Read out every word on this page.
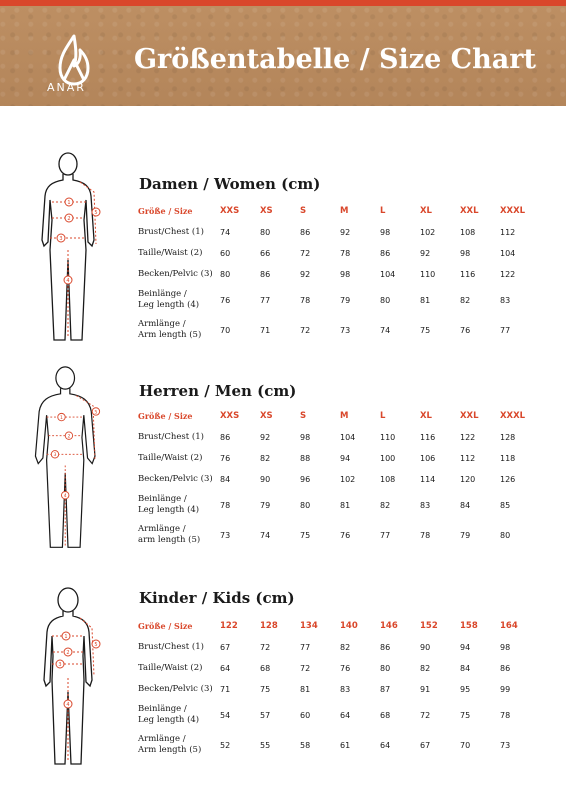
ANAR
Größentabelle / Size Chart
1
2
3
4
5
Damen / Women (cm)
Größe / Size	XXS	XS	S	M	L	XL	XXL	XXXL
Brust/Chest (1)	74	80	86	92	98	102	108	112
Taille/Waist (2)	60	66	72	78	86	92	98	104
Becken/Pelvic (3)	80	86	92	98	104	110	116	122
Beinlänge /
Leg length (4)	76	77	78	79	80	81	82	83
Armlänge /
Arm length (5)	70	71	72	73	74	75	76	77
1
2
3
4
5
Herren / Men (cm)
Größe / Size	XXS	XS	S	M	L	XL	XXL	XXXL
Brust/Chest (1)	86	92	98	104	110	116	122	128
Taille/Waist (2)	76	82	88	94	100	106	112	118
Becken/Pelvic (3)	84	90	96	102	108	114	120	126
Beinlänge /
Leg length (4)	78	79	80	81	82	83	84	85
Armlänge /
arm length (5)	73	74	75	76	77	78	79	80
1
2
3
4
5
Kinder / Kids (cm)
Größe / Size	122	128	134	140	146	152	158	164
Brust/Chest (1)	67	72	77	82	86	90	94	98
Taille/Waist (2)	64	68	72	76	80	82	84	86
Becken/Pelvic (3)	71	75	81	83	87	91	95	99
Beinlänge /
Leg length (4)	54	57	60	64	68	72	75	78
Armlänge /
Arm length (5)	52	55	58	61	64	67	70	73
